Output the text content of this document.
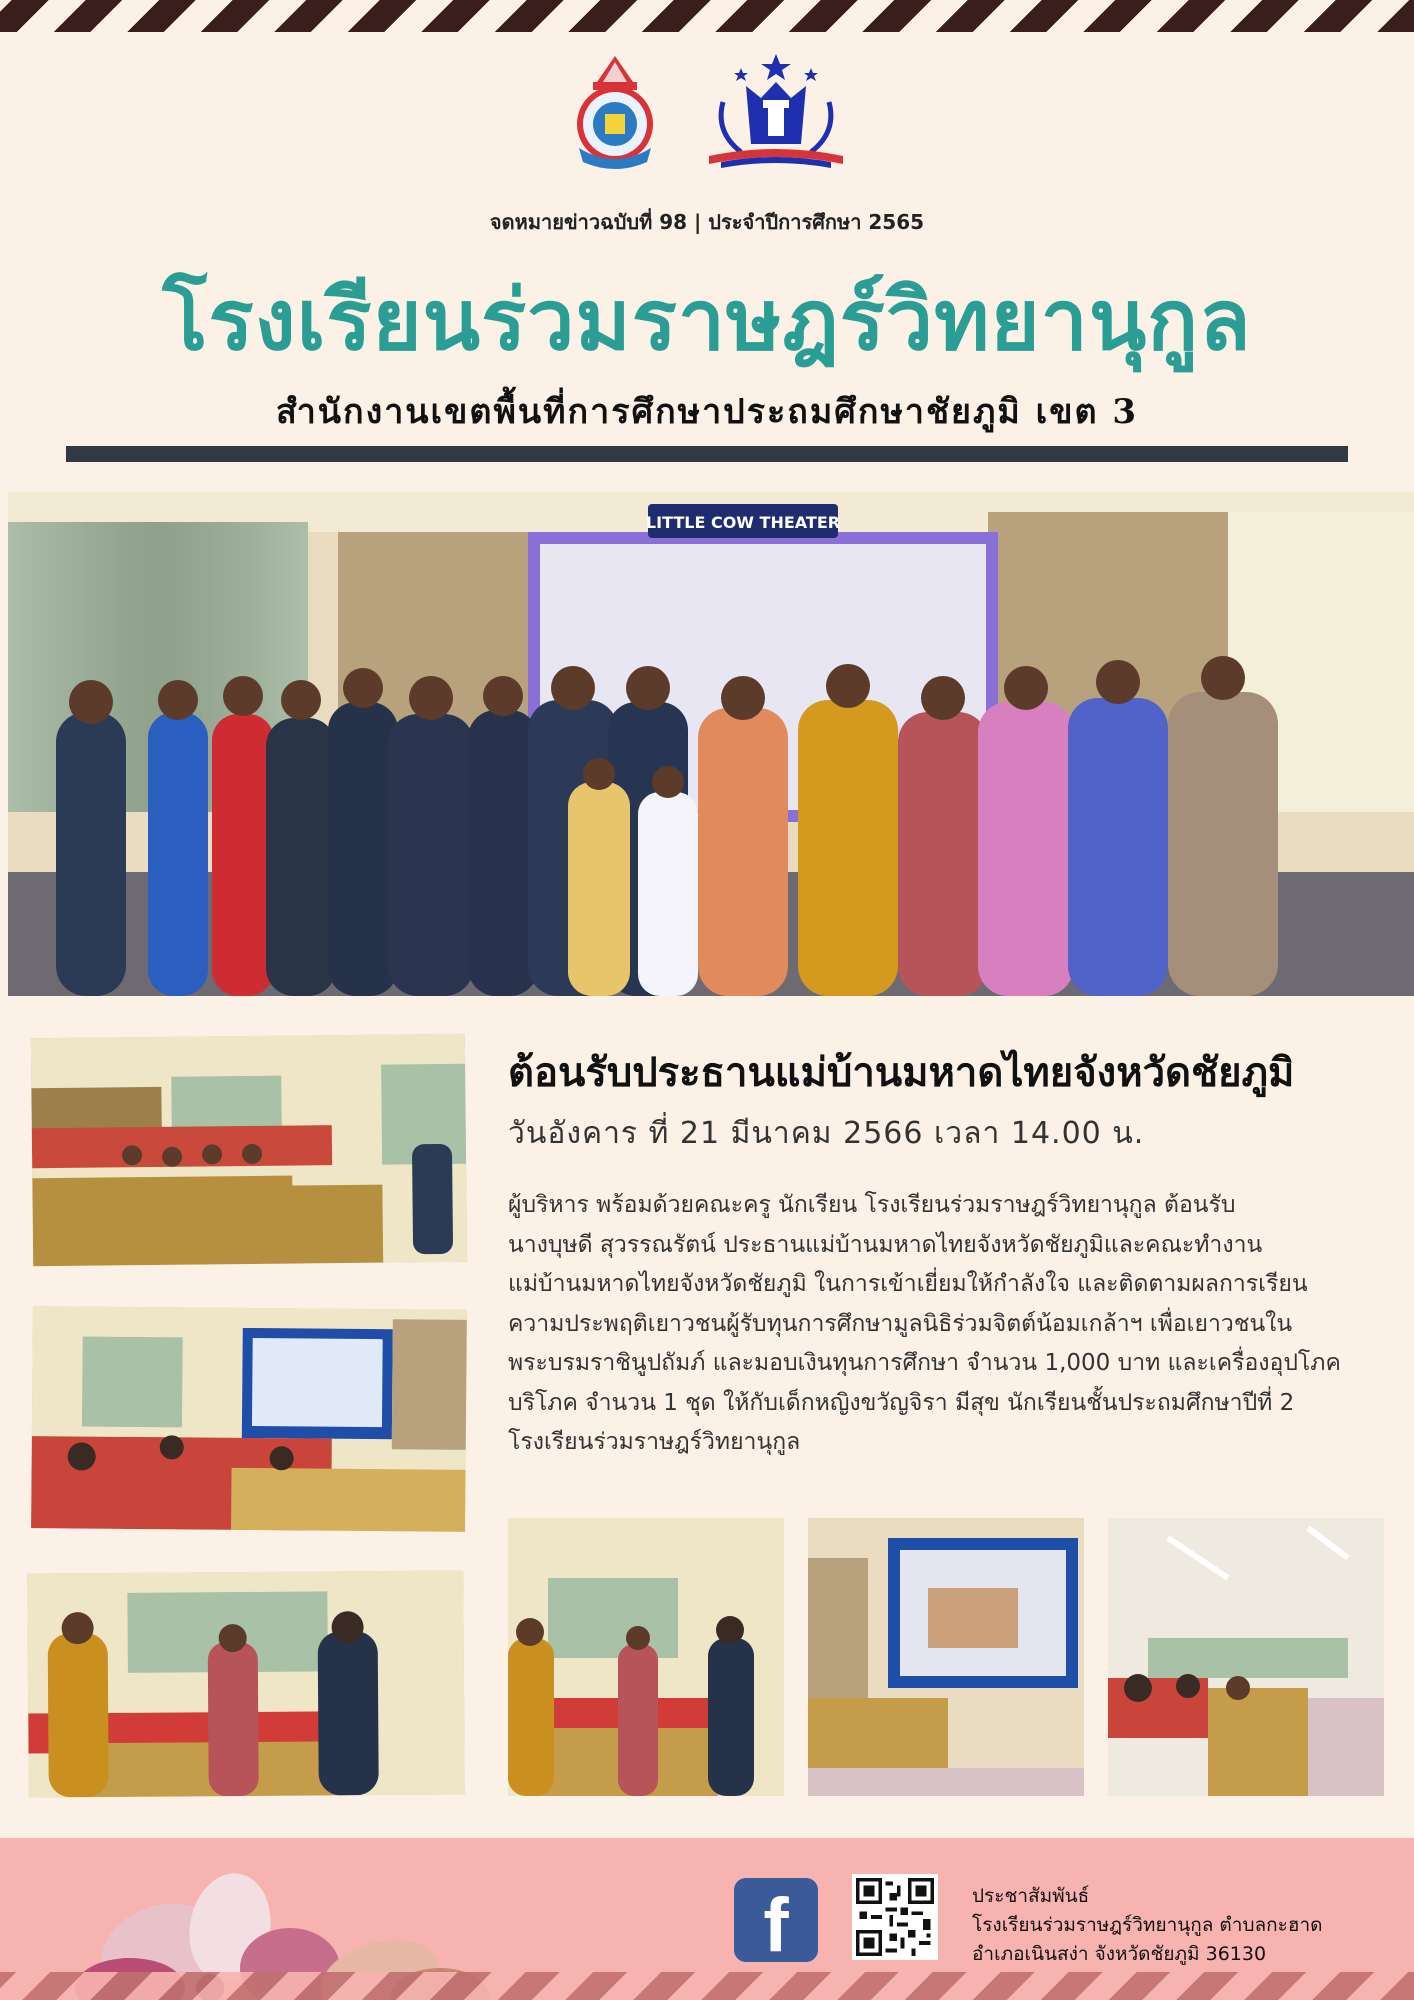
จดหมายข่าวฉบับที่ 98 | ประจำปีการศึกษา 2565
โรงเรียนร่วมราษฎร์วิทยานุกูล
สำนักงานเขตพื้นที่การศึกษาประถมศึกษาชัยภูมิ เขต 3
LITTLE COW THEATER
ต้อนรับประธานแม่บ้านมหาดไทยจังหวัดชัยภูมิ
วันอังคาร ที่ 21 มีนาคม 2566 เวลา 14.00 น.
ผู้บริหาร พร้อมด้วยคณะครู นักเรียน โรงเรียนร่วมราษฎร์วิทยานุกูล ต้อนรับ
นางบุษดี สุวรรณรัตน์ ประธานแม่บ้านมหาดไทยจังหวัดชัยภูมิและคณะทำงาน
แม่บ้านมหาดไทยจังหวัดชัยภูมิ ในการเข้าเยี่ยมให้กำลังใจ และติดตามผลการเรียน
ความประพฤติเยาวชนผู้รับทุนการศึกษามูลนิธิร่วมจิตต์น้อมเกล้าฯ เพื่อเยาวชนใน
พระบรมราชินูปถัมภ์ และมอบเงินทุนการศึกษา จำนวน 1,000 บาท และเครื่องอุปโภค
บริโภค จำนวน 1 ชุด ให้กับเด็กหญิงขวัญจิรา มีสุข นักเรียนชั้นประถมศึกษาปีที่ 2
โรงเรียนร่วมราษฎร์วิทยานุกูล
f	ประชาสัมพันธ์
โรงเรียนร่วมราษฎร์วิทยานุกูล ตำบลกะฮาด
อำเภอเนินสง่า จังหวัดชัยภูมิ 36130
